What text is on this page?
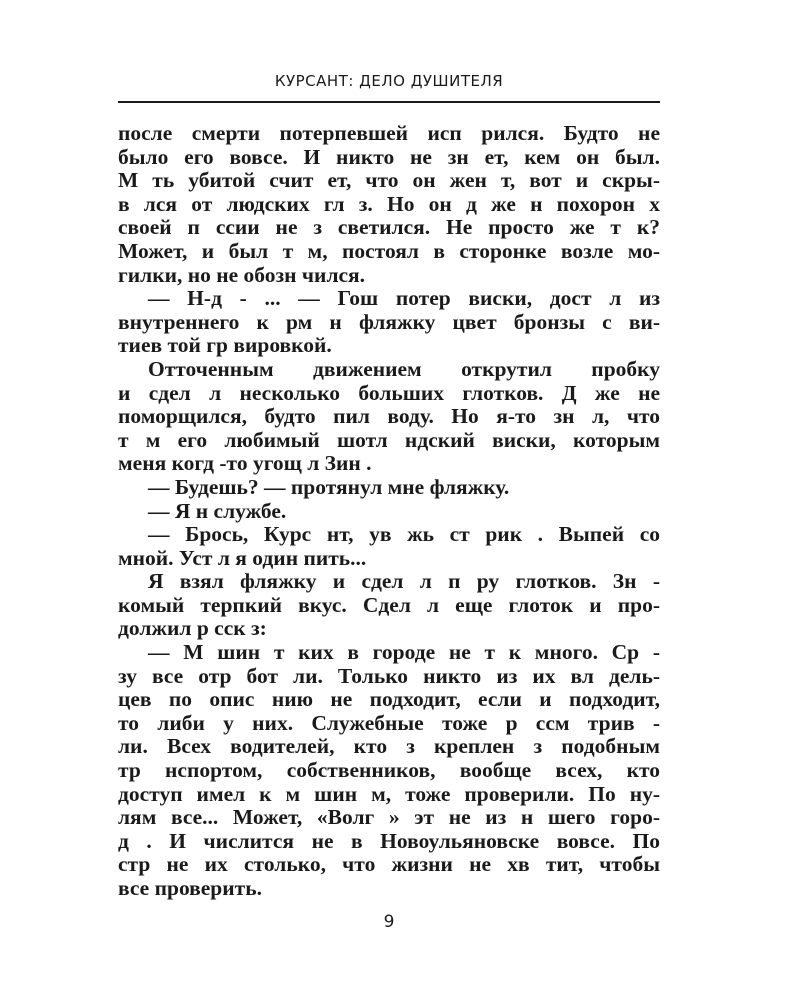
КУРСАНТ: ДЕЛО ДУШИТЕЛЯ
после смерти потерпевшей исп рился. Будто не
было его вовсе. И никто не зн ет, кем он был.
М ть убитой счит ет, что он жен т, вот и скры-
в лся от людских гл з. Но он д же н похорон х
своей п ссии не з светился. Не просто же т к?
Может, и был т м, постоял в сторонке возле мо-
гилки, но не обозн чился.
— Н-д - ... — Гош потер виски, дост л из
внутреннего к рм н фляжку цвет бронзы с ви-
тиев той гр вировкой.
Отточенным движением открутил пробку
и сдел л несколько больших глотков. Д же не
поморщился, будто пил воду. Но я-то зн л, что
т м его любимый шотл ндский виски, которым
меня когд -то угощ л Зин .
— Будешь? — протянул мне фляжку.
— Я н службе.
— Брось, Курс нт, ув жь ст рик . Выпей со
мной. Уст л я один пить...
Я взял фляжку и сдел л п ру глотков. Зн -
комый терпкий вкус. Сдел л еще глоток и про-
должил р сск з:
— М шин т ких в городе не т к много. Ср -
зу все отр бот ли. Только никто из их вл дель-
цев по опис нию не подходит, если и подходит,
то либи у них. Служебные тоже р ссм трив -
ли. Всех водителей, кто з креплен з подобным
тр нспортом, собственников, вообще всех, кто
доступ имел к м шин м, тоже проверили. По ну-
лям все... Может, «Волг » эт не из н шего горо-
д . И числится не в Новоульяновске вовсе. По
стр не их столько, что жизни не хв тит, чтобы
все проверить.
9
